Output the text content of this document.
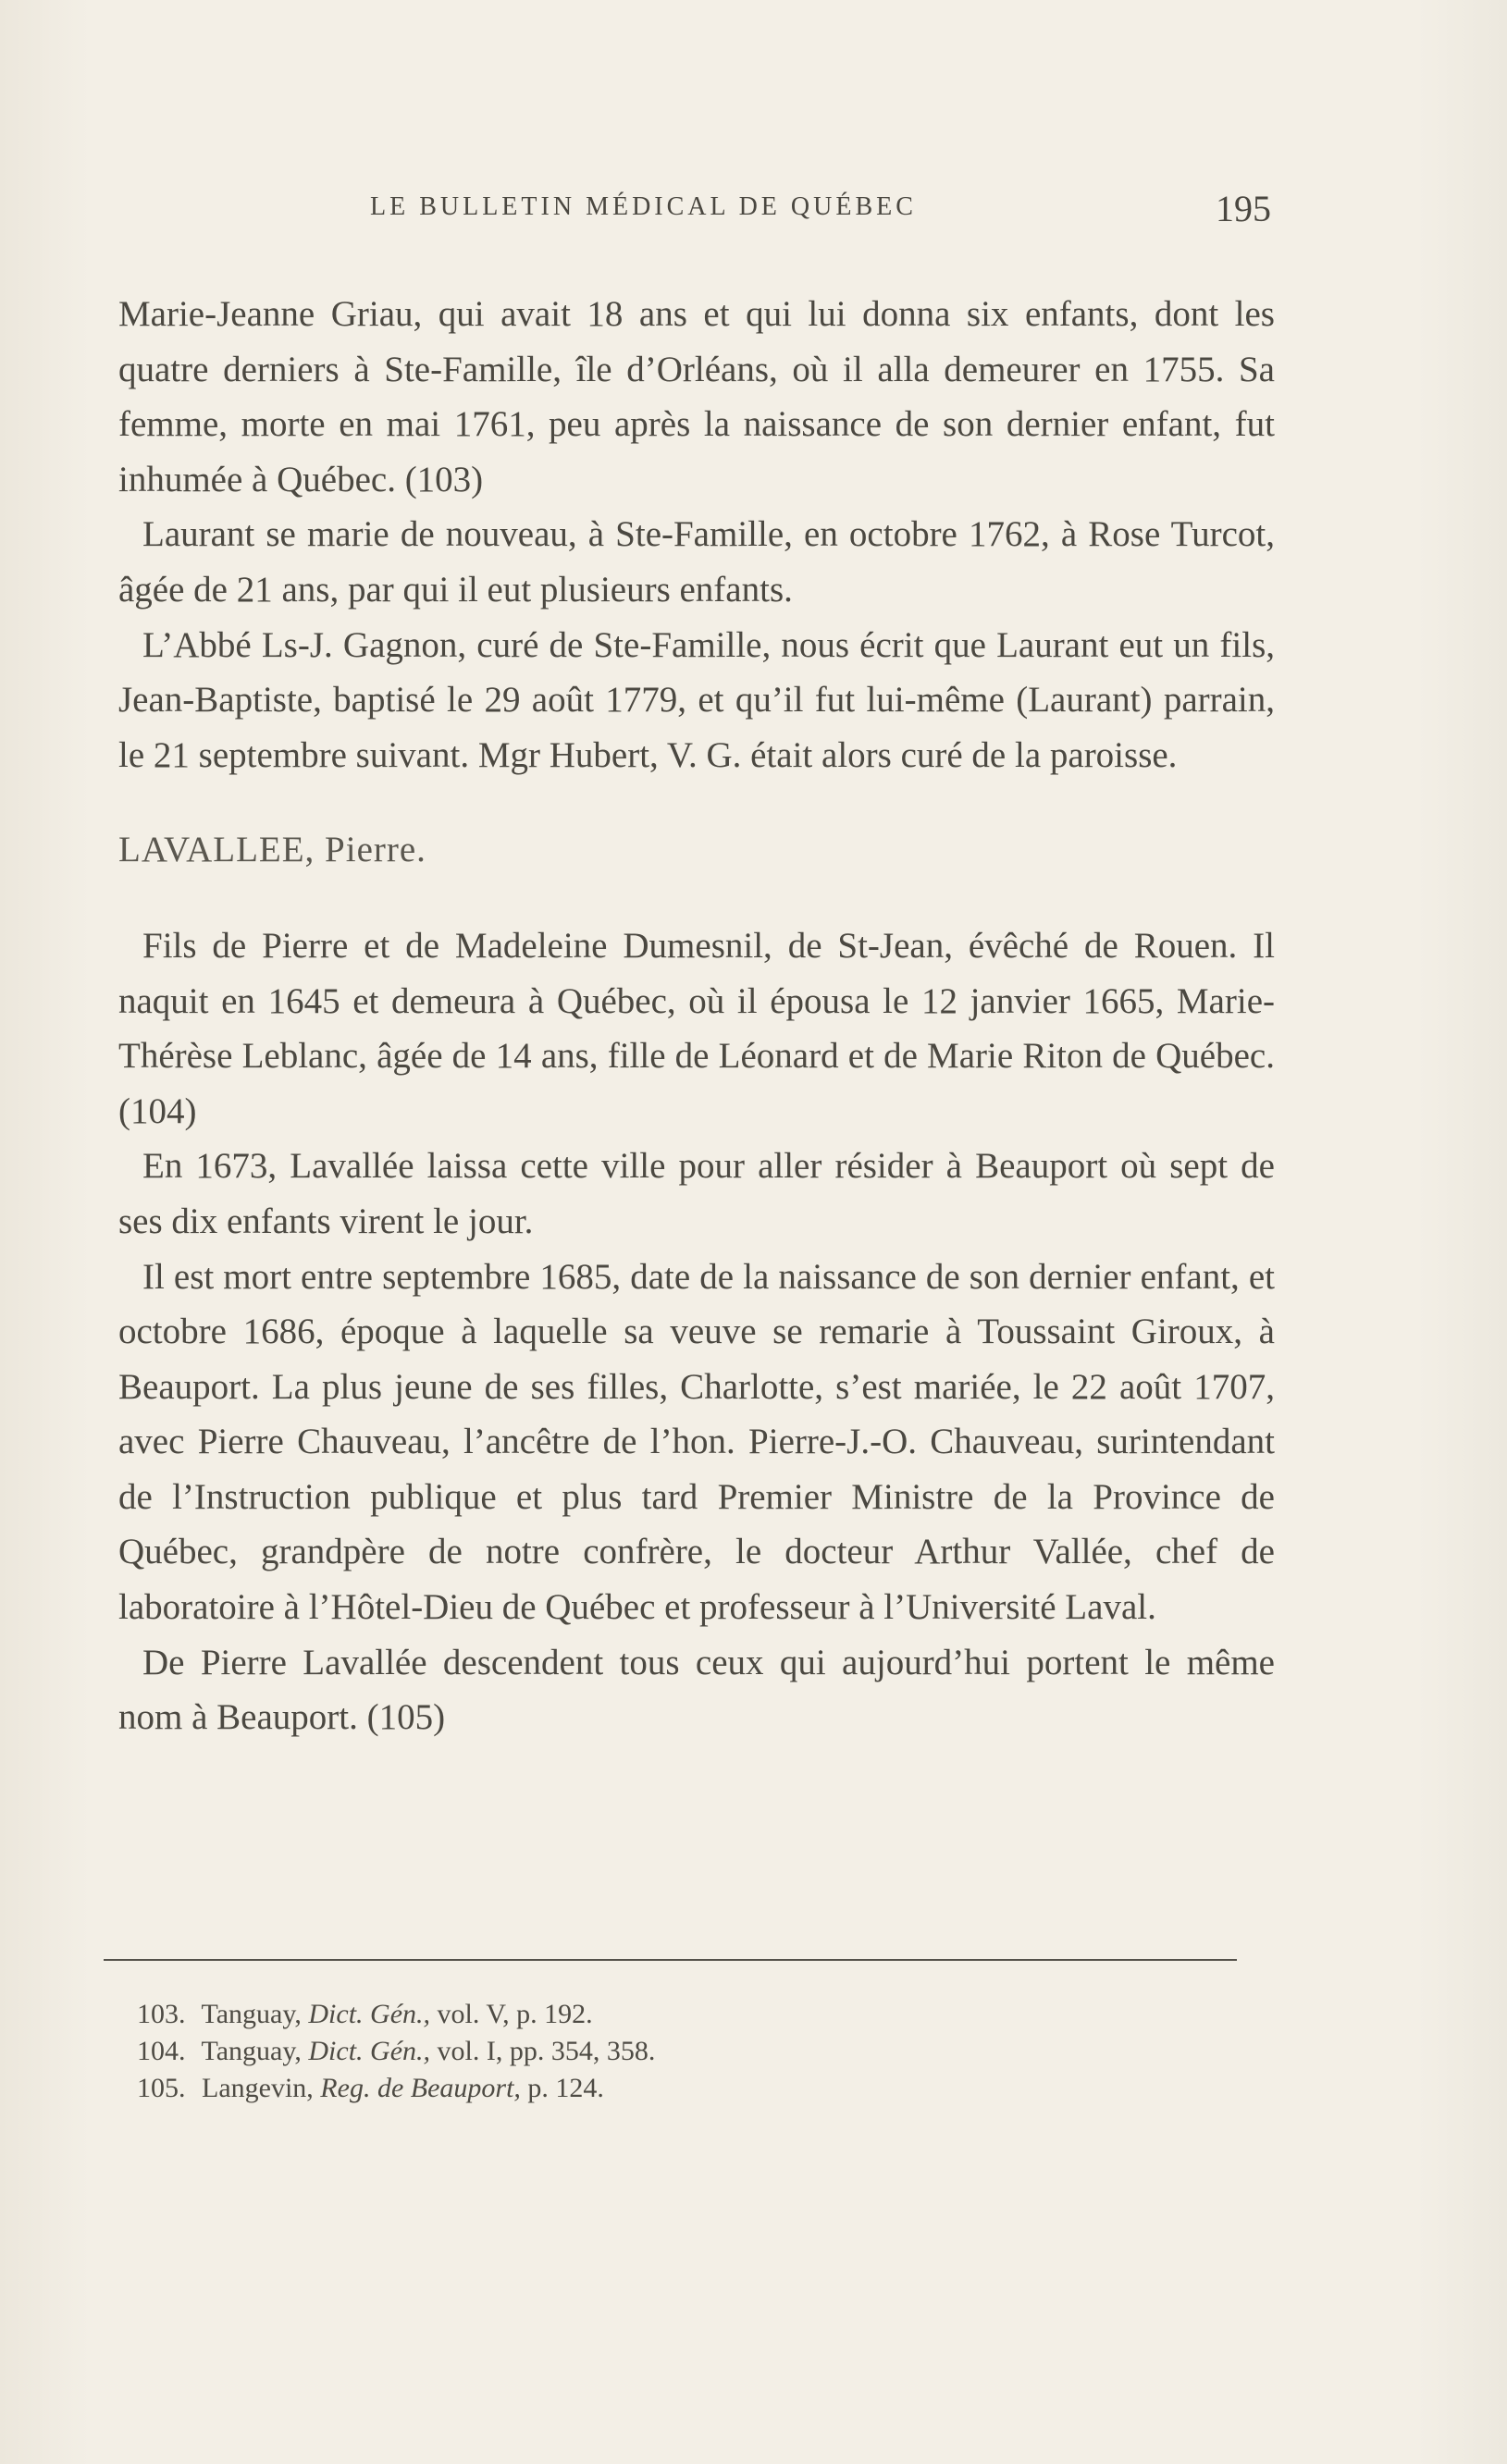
LE BULLETIN MÉDICAL DE QUÉBEC	195

Marie-Jeanne Griau, qui avait 18 ans et qui lui donna six enfants, dont les quatre derniers à Ste-Famille, île d’Orléans, où il alla demeurer en 1755. Sa femme, morte en mai 1761, peu après la naissance de son dernier enfant, fut inhumée à Québec. (103)

Laurant se marie de nouveau, à Ste-Famille, en octobre 1762, à Rose Turcot, âgée de 21 ans, par qui il eut plusieurs enfants.

L’Abbé Ls-J. Gagnon, curé de Ste-Famille, nous écrit que Laurant eut un fils, Jean-Baptiste, baptisé le 29 août 1779, et qu’il fut lui-même (Laurant) parrain, le 21 septembre suivant. Mgr Hubert, V. G. était alors curé de la paroisse.

LAVALLEE, Pierre.

Fils de Pierre et de Madeleine Dumesnil, de St-Jean, évêché de Rouen. Il naquit en 1645 et demeura à Québec, où il épousa le 12 janvier 1665, Marie-Thérèse Leblanc, âgée de 14 ans, fille de Léonard et de Marie Riton de Québec. (104)

En 1673, Lavallée laissa cette ville pour aller résider à Beauport où sept de ses dix enfants virent le jour.

Il est mort entre septembre 1685, date de la naissance de son dernier enfant, et octobre 1686, époque à laquelle sa veuve se remarie à Toussaint Giroux, à Beauport. La plus jeune de ses filles, Charlotte, s’est mariée, le 22 août 1707, avec Pierre Chauveau, l’ancêtre de l’hon. Pierre-J.-O. Chauveau, surintendant de l’Instruction publique et plus tard Premier Ministre de la Province de Québec, grandpère de notre confrère, le docteur Arthur Vallée, chef de laboratoire à l’Hôtel-Dieu de Québec et professeur à l’Université Laval.

De Pierre Lavallée descendent tous ceux qui aujourd’hui portent le même nom à Beauport. (105)

103. Tanguay, Dict. Gén., vol. V, p. 192.
104. Tanguay, Dict. Gén., vol. I, pp. 354, 358.
105. Langevin, Reg. de Beauport, p. 124.
